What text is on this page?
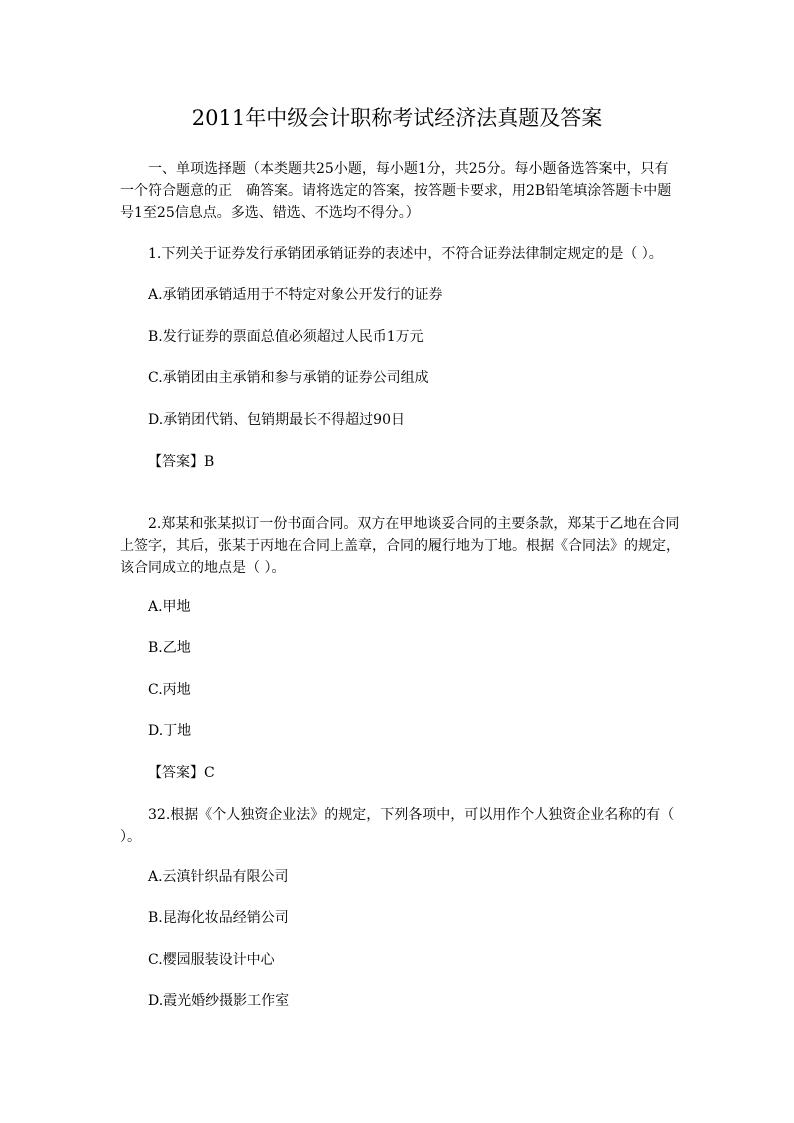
2011年中级会计职称考试经济法真题及答案
一、单项选择题（本类题共25小题，每小题1分，共25分。每小题备选答案中，只有一个符合题意的正　确答案。请将选定的答案，按答题卡要求，用2B铅笔填涂答题卡中题号1至25信息点。多选、错选、不选均不得分。）
1.下列关于证券发行承销团承销证券的表述中，不符合证券法律制定规定的是（ ）。
A.承销团承销适用于不特定对象公开发行的证券
B.发行证券的票面总值必须超过人民币1万元
C.承销团由主承销和参与承销的证券公司组成
D.承销团代销、包销期最长不得超过90日
【答案】B
2.郑某和张某拟订一份书面合同。双方在甲地谈妥合同的主要条款，郑某于乙地在合同上签字，其后，张某于丙地在合同上盖章，合同的履行地为丁地。根据《合同法》的规定，该合同成立的地点是（ ）。
A.甲地
B.乙地
C.丙地
D.丁地
【答案】C
32.根据《个人独资企业法》的规定，下列各项中，可以用作个人独资企业名称的有（ ）。
A.云滇针织品有限公司
B.昆海化妆品经销公司
C.樱园服装设计中心
D.霞光婚纱摄影工作室
